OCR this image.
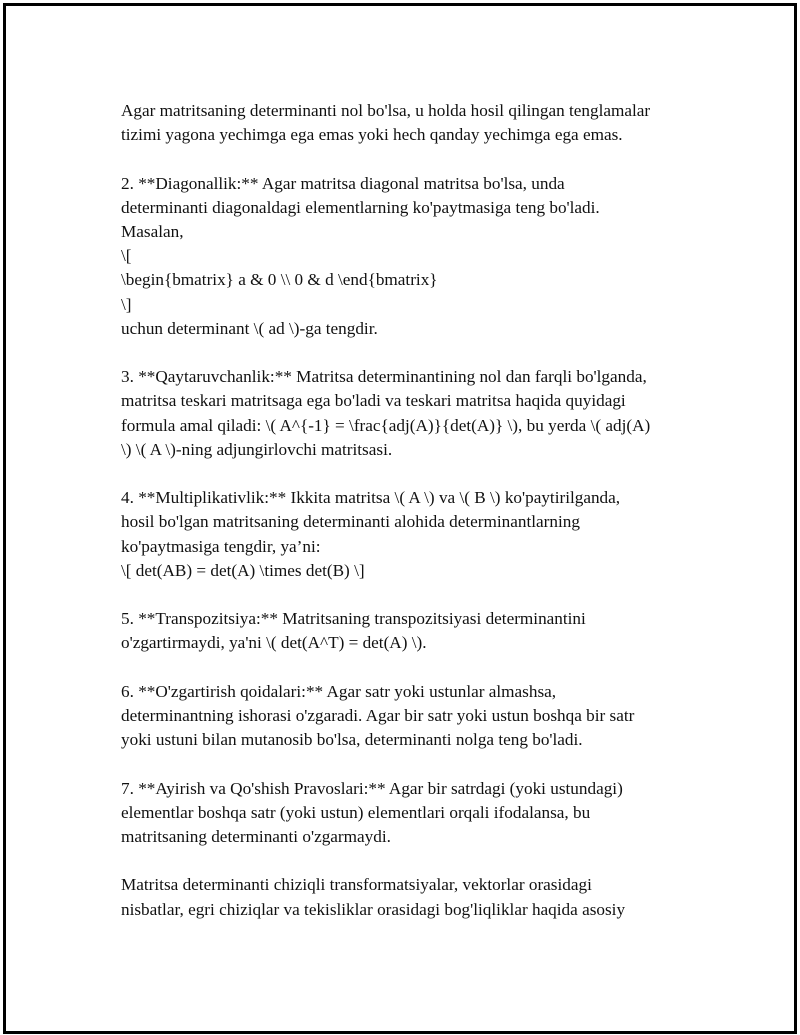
Agar matritsaning determinanti nol bo'lsa, u holda hosil qilingan tenglamalar
tizimi yagona yechimga ega emas yoki hech qanday yechimga ega emas.

2. **Diagonallik:** Agar matritsa diagonal matritsa bo'lsa, unda
determinanti diagonaldagi elementlarning ko'paytmasiga teng bo'ladi.
Masalan,
\[
\begin{bmatrix} a & 0 \\ 0 & d \end{bmatrix}
\]
uchun determinant \( ad \)-ga tengdir.

3. **Qaytaruvchanlik:** Matritsa determinantining nol dan farqli bo'lganda,
matritsa teskari matritsaga ega bo'ladi va teskari matritsa haqida quyidagi
formula amal qiladi: \( A^{-1} = \frac{adj(A)}{det(A)} \), bu yerda \( adj(A)
\) \( A \)-ning adjungirlovchi matritsasi.

4. **Multiplikativlik:** Ikkita matritsa \( A \) va \( B \) ko'paytirilganda,
hosil bo'lgan matritsaning determinanti alohida determinantlarning
ko'paytmasiga tengdir, ya’ni:
\[ det(AB) = det(A) \times det(B) \]

5. **Transpozitsiya:** Matritsaning transpozitsiyasi determinantini
o'zgartirmaydi, ya'ni \( det(A^T) = det(A) \).

6. **O'zgartirish qoidalari:** Agar satr yoki ustunlar almashsa,
determinantning ishorasi o'zgaradi. Agar bir satr yoki ustun boshqa bir satr
yoki ustuni bilan mutanosib bo'lsa, determinanti nolga teng bo'ladi.

7. **Ayirish va Qo'shish Pravoslari:** Agar bir satrdagi (yoki ustundagi)
elementlar boshqa satr (yoki ustun) elementlari orqali ifodalansa, bu
matritsaning determinanti o'zgarmaydi.

Matritsa determinanti chiziqli transformatsiyalar, vektorlar orasidagi
nisbatlar, egri chiziqlar va tekisliklar orasidagi bog'liqliklar haqida asosiy
